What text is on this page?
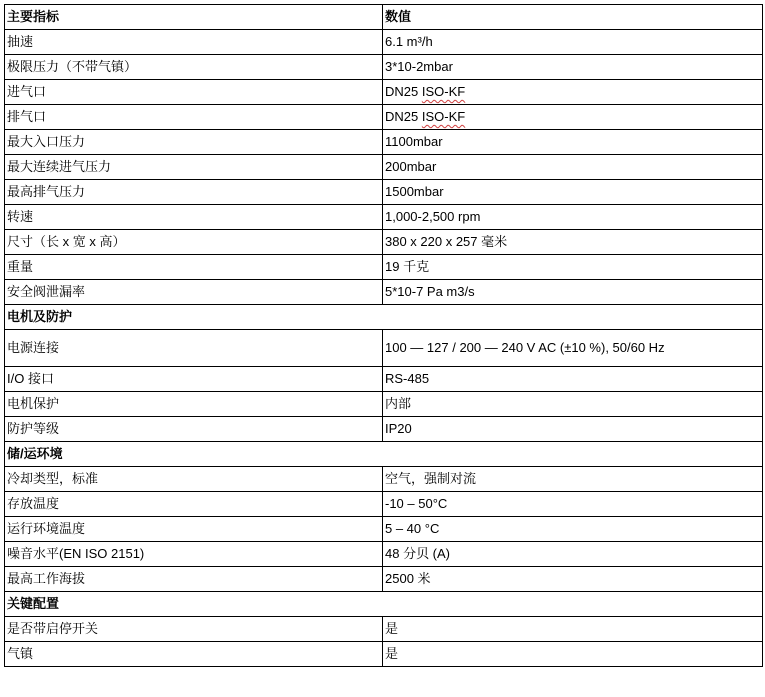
主要指标	数值
抽速	6.1 m³/h
极限压力（不带气镇）	3*10-2mbar
进气口	DN25 ISO-KF
排气口	DN25 ISO-KF
最大入口压力	1100mbar
最大连续进气压力	200mbar
最高排气压力	1500mbar
转速	1,000-2,500 rpm
尺寸（长 x 宽 x 高）	380 x 220 x 257 毫米
重量	19 千克
安全阀泄漏率	5*10-7 Pa m3/s
电机及防护	
电源连接	100 — 127 / 200 — 240 V AC (±10 %), 50/60 Hz
I/O 接口	RS-485
电机保护	内部
防护等级	IP20
储/运环境	
冷却类型，标准	空气，强制对流
存放温度	-10 – 50°C
运行环境温度	5 – 40 °C
噪音水平(EN ISO 2151)	48 分贝 (A)
最高工作海拔	2500 米
关键配置	
是否带启停开关	是
气镇	是
